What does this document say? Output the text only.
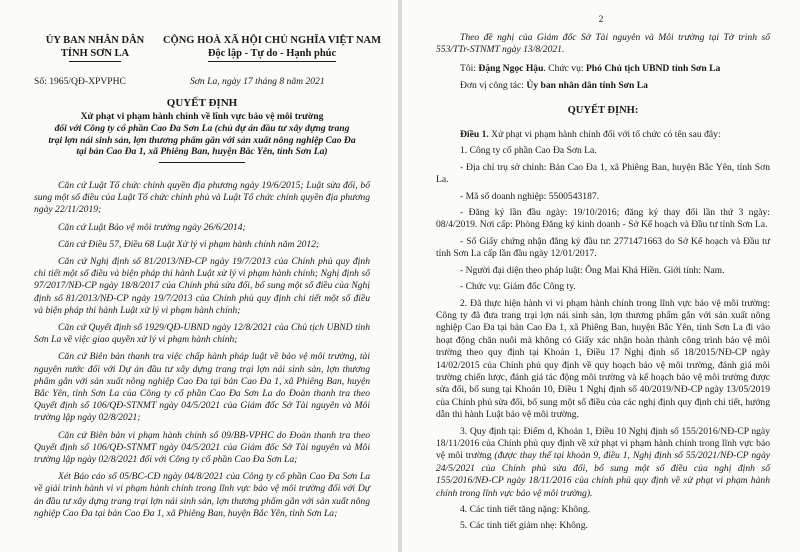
ỦY BAN NHÂN DÂN
TỈNH SƠN LA
CỘNG HOÀ XÃ HỘI CHỦ NGHĨA VIỆT NAM
Độc lập - Tự do - Hạnh phúc
Số: 1965/QĐ-XPVPHC	Sơn La, ngày 17 tháng 8 năm 2021
QUYẾT ĐỊNH
Xử phạt vi phạm hành chính về lĩnh vực bảo vệ môi trường
đối với Công ty cổ phần Cao Đa Sơn La (chủ dự án đầu tư xây dựng trang
trại lợn nái sinh sản, lợn thương phẩm gắn với sản xuất nông nghiệp Cao Đa
tại bản Cao Đa 1, xã Phiêng Ban, huyện Bắc Yên, tỉnh Sơn La)

Căn cứ Luật Tổ chức chính quyền địa phương ngày 19/6/2015; Luật sửa đổi, bổ sung một số điều của Luật Tổ chức chính phủ và Luật Tổ chức chính quyền địa phương ngày 22/11/2019;

Căn cứ Luật Bảo vệ môi trường ngày 26/6/2014;

Căn cứ Điều 57, Điều 68 Luật Xử lý vi phạm hành chính năm 2012;

Căn cứ Nghị định số 81/2013/NĐ-CP ngày 19/7/2013 của Chính phủ quy định chi tiết một số điều và biện pháp thi hành Luật xử lý vi phạm hành chính; Nghị định số 97/2017/NĐ-CP ngày 18/8/2017 của Chính phủ sửa đổi, bổ sung một số điều của Nghị định số 81/2013/NĐ-CP ngày 19/7/2013 của Chính phủ quy định chi tiết một số điều và biện pháp thi hành Luật xử lý vi phạm hành chính;

Căn cứ Quyết định số 1929/QĐ-UBND ngày 12/8/2021 của Chủ tịch UBND tỉnh Sơn La về việc giao quyền xử lý vi phạm hành chính;

Căn cứ Biên bản thanh tra việc chấp hành pháp luật về bảo vệ môi trường, tài nguyên nước đối với Dự án đầu tư xây dựng trang trại lợn nái sinh sản, lợn thương phẩm gắn với sản xuất nông nghiệp Cao Đa tại bản Cao Đa 1, xã Phiêng Ban, huyện Bắc Yên, tỉnh Sơn La của Công ty cổ phần Cao Đa Sơn La do Đoàn thanh tra theo Quyết định số 106/QĐ-STNMT ngày 04/5/2021 của Giám đốc Sở Tài nguyên và Môi trường lập ngày 02/8/2021;

Căn cứ Biên bản vi phạm hành chính số 09/BB-VPHC do Đoàn thanh tra theo Quyết định số 106/QĐ-STNMT ngày 04/5/2021 của Giám đốc Sở Tài nguyên và Môi trường lập ngày 02/8/2021 đối với Công ty cổ phần Cao Đa Sơn La;

Xét Báo cáo số 05/BC-CĐ ngày 04/8/2021 của Công ty cổ phần Cao Đa Sơn La về giải trình hành vi vi phạm hành chính trong lĩnh vực bảo vệ môi trường đối với Dự án đầu tư xây dựng trang trại lợn nái sinh sản, lợn thương phẩm gắn với sản xuất nông nghiệp Cao Đa tại bản Cao Đa 1, xã Phiêng Ban, huyện Bắc Yên, tỉnh Sơn La;

2

Theo đề nghị của Giám đốc Sở Tài nguyên và Môi trường tại Tờ trình số 553/TTr-STNMT ngày 13/8/2021.

Tôi: Đặng Ngọc Hậu. Chức vụ: Phó Chủ tịch UBND tỉnh Sơn La

Đơn vị công tác: Ủy ban nhân dân tỉnh Sơn La

QUYẾT ĐỊNH:

Điều 1. Xử phạt vi phạm hành chính đối với tổ chức có tên sau đây:

1. Công ty cổ phần Cao Đa Sơn La.

- Địa chỉ trụ sở chính: Bản Cao Đa 1, xã Phiêng Ban, huyện Bắc Yên, tỉnh Sơn La.

- Mã số doanh nghiệp: 5500543187.

- Đăng ký lần đầu ngày: 19/10/2016; đăng ký thay đổi lần thứ 3 ngày: 08/4/2019. Nơi cấp: Phòng Đăng ký kinh doanh - Sở Kế hoạch và Đầu tư tỉnh Sơn La.

- Số Giấy chứng nhận đăng ký đầu tư: 2771471663 do Sở Kế hoạch và Đầu tư tỉnh Sơn La cấp lần đầu ngày 12/01/2017.

- Người đại diện theo pháp luật: Ông Mai Khả Hiền. Giới tính: Nam.

- Chức vụ: Giám đốc Công ty.

2. Đã thực hiện hành vi vi phạm hành chính trong lĩnh vực bảo vệ môi trường: Công ty đã đưa trang trại lợn nái sinh sản, lợn thương phẩm gắn với sản xuất nông nghiệp Cao Đa tại bản Cao Đa 1, xã Phiêng Ban, huyện Bắc Yên, tỉnh Sơn La đi vào hoạt động chăn nuôi mà không có Giấy xác nhận hoàn thành công trình bảo vệ môi trường theo quy định tại Khoản 1, Điều 17 Nghị định số 18/2015/NĐ-CP ngày 14/02/2015 của Chính phủ quy định về quy hoạch bảo vệ môi trường, đánh giá môi trường chiến lược, đánh giá tác động môi trường và kế hoạch bảo vệ môi trường được sửa đổi, bổ sung tại Khoản 10, Điều 1 Nghị định số 40/2019/NĐ-CP ngày 13/05/2019 của Chính phủ sửa đổi, bổ sung một số điều của các nghị định quy định chi tiết, hướng dẫn thi hành Luật bảo vệ môi trường.

3. Quy định tại: Điểm d, Khoản 1, Điều 10 Nghị định số 155/2016/NĐ-CP ngày 18/11/2016 của Chính phủ quy định về xử phạt vi phạm hành chính trong lĩnh vực bảo vệ môi trường (được thay thế tại khoản 9, điều 1, Nghị định số 55/2021/NĐ-CP ngày 24/5/2021 của Chính phủ sửa đổi, bổ sung một số điều của nghị định số 155/2016/NĐ-CP ngày 18/11/2016 của chính phủ quy định về xử phạt vi phạm hành chính trong lĩnh vực bảo vệ môi trường).

4. Các tình tiết tăng nặng: Không.

5. Các tình tiết giảm nhẹ: Không.
